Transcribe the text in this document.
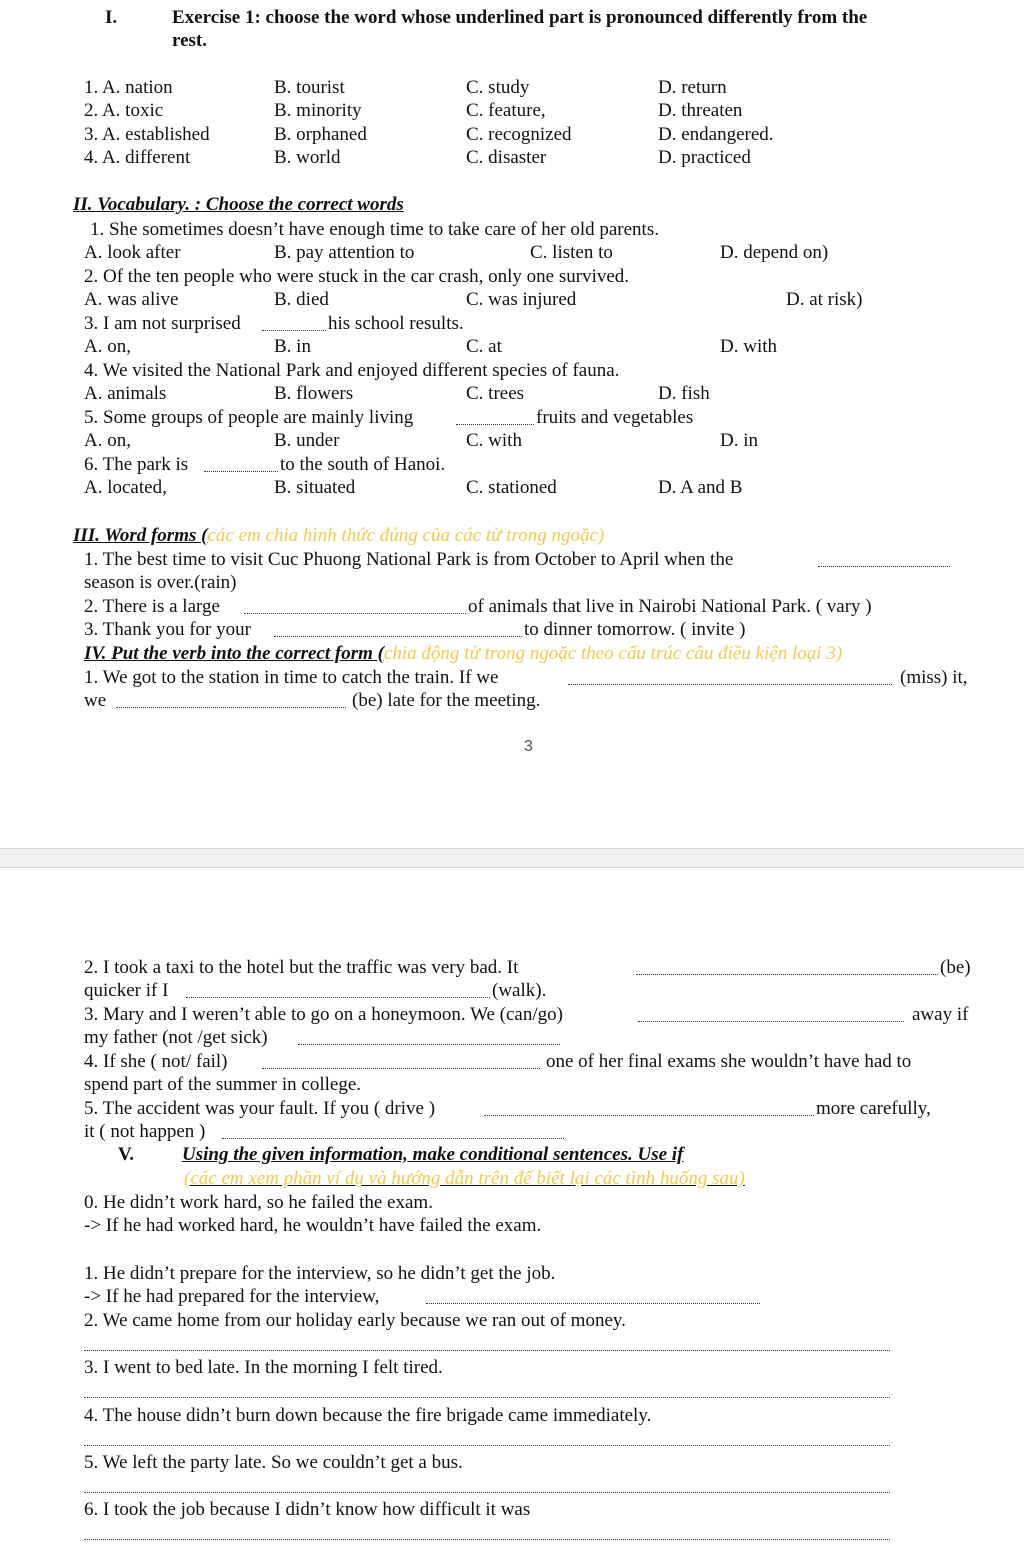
I.	Exercise 1: choose the word whose underlined part is pronounced differently from the
rest.
1. A. nation	B. tourist	C. study	D. return
2. A. toxic	B. minority	C. feature,	D. threaten
3. A. established	B. orphaned	C. recognized	D. endangered.
4. A. different	B. world	C. disaster	D. practiced
II. Vocabulary. : Choose the correct words
1. She sometimes doesn’t have enough time to take care of her old parents.
A. look after	B. pay attention to	C. listen to	D. depend on)
2. Of the ten people who were stuck in the car crash, only one survived.
A. was alive	B. died	C. was injured	D. at risk)
3. I am not surprised	his school results.
A. on,	B. in	C. at	D. with
4. We visited the National Park and enjoyed different species of fauna.
A. animals	B. flowers	C. trees	D. fish
5. Some groups of people are mainly living	fruits and vegetables
A. on,	B. under	C. with	D. in
6. The park is	to the south of Hanoi.
A. located,	B. situated	C. stationed	D. A and B
III. Word forms (các em chia hình thức đúng của các từ trong ngoặc)
1. The best time to visit Cuc Phuong National Park is from October to April when the
season is over.(rain)
2. There is a large	of animals that live in Nairobi National Park. ( vary )
3. Thank you for your	to dinner tomorrow. ( invite )
IV. Put the verb into the correct form (chia động từ trong ngoặc theo cấu trúc câu điều kiện loại 3)
1. We got to the station in time to catch the train. If we	(miss) it,
we	(be) late for the meeting.
3
2. I took a taxi to the hotel but the traffic was very bad. It	(be)
quicker if I	(walk).
3. Mary and I weren’t able to go on a honeymoon. We (can/go)	away if
my father (not /get sick)
4. If she ( not/ fail)	one of her final exams she wouldn’t have had to
spend part of the summer in college.
5. The accident was your fault. If you ( drive )	more carefully,
it ( not happen )
V.	Using the given information, make conditional sentences. Use if
(các em xem phần ví dụ và hướng dẫn trên để biết lại các tình huống sau)
0. He didn’t work hard, so he failed the exam.
-> If he had worked hard, he wouldn’t have failed the exam.
1. He didn’t prepare for the interview, so he didn’t get the job.
-> If he had prepared for the interview,
2. We came home from our holiday early because we ran out of money.
3. I went to bed late. In the morning I felt tired.
4. The house didn’t burn down because the fire brigade came immediately.
5. We left the party late. So we couldn’t get a bus.
6. I took the job because I didn’t know how difficult it was
